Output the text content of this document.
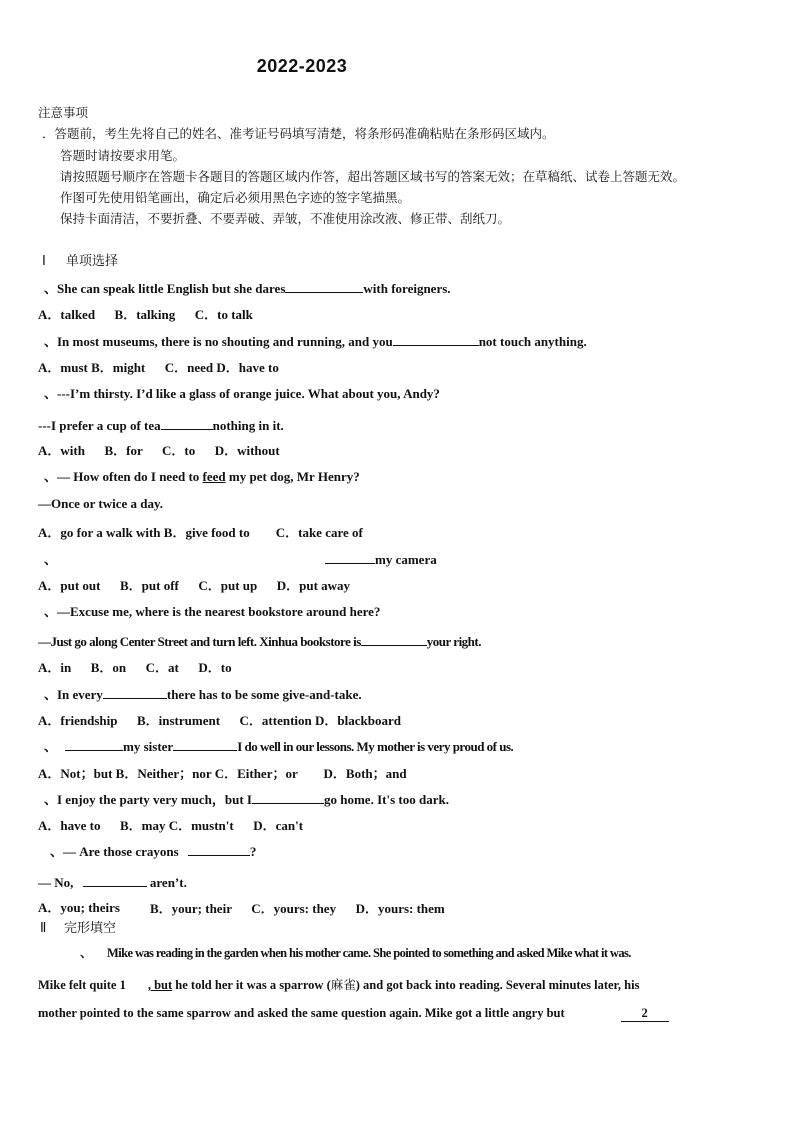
2022-2023
注意事项
．答题前，考生先将自己的姓名、准考证号码填写清楚，将条形码准确粘贴在条形码区域内。
答题时请按要求用笔。
请按照题号顺序在答题卡各题目的答题区域内作答，超出答题区域书写的答案无效；在草稿纸、试卷上答题无效。
作图可先使用铅笔画出，确定后必须用黑色字迹的签字笔描黑。
保持卡面清洁，不要折叠、不要弄破、弄皱，不准使用涂改液、修正带、刮纸刀。
Ⅰ 单项选择
、She can speak little English but she dares	with foreigners.
A．talked      B．talking      C．to talk
、In most museums, there is no shouting and running, and you	not touch anything.
A．must B．might      C．need D．have to
、---I’m thirsty. I’d like a glass of orange juice. What about you, Andy?
---I prefer a cup of tea	nothing in it.
A．with      B．for      C．to      D．without
、— How often do I need to feed my pet dog, Mr Henry?
—Once or twice a day.
A．go for a walk with B．give food to        C．take care of
、	my camera
A．put out      B．put off      C．put up      D．put away
、—Excuse me, where is the nearest bookstore around here?
—Just go along Center Street and turn left. Xinhua bookstore is	your right.
A．in      B．on      C．at      D．to
、In every	there has to be some give-and-take.
A．friendship      B．instrument      C．attention D．blackboard
、	my sister	I do well in our lessons. My mother is very proud of us.
A．Not；but B．Neither；nor C．Either；or        D．Both；and
、I enjoy the party very much，but I	go home. It's too dark.
A．have to      B．may C．mustn't      D．can't
、— Are those crayons	?
— No,	aren’t.
A．you; theirs B．your; their      C．yours: they      D．yours: them
Ⅱ 完形填空
、      Mike was reading in the garden when his mother came. She pointed to something and asked Mike what it was.
Mike felt quite 1 , but he told her it was a sparrow (麻雀) and got back into reading. Several minutes later, his
mother pointed to the same sparrow and asked the same question again. Mike got a little angry but	2
